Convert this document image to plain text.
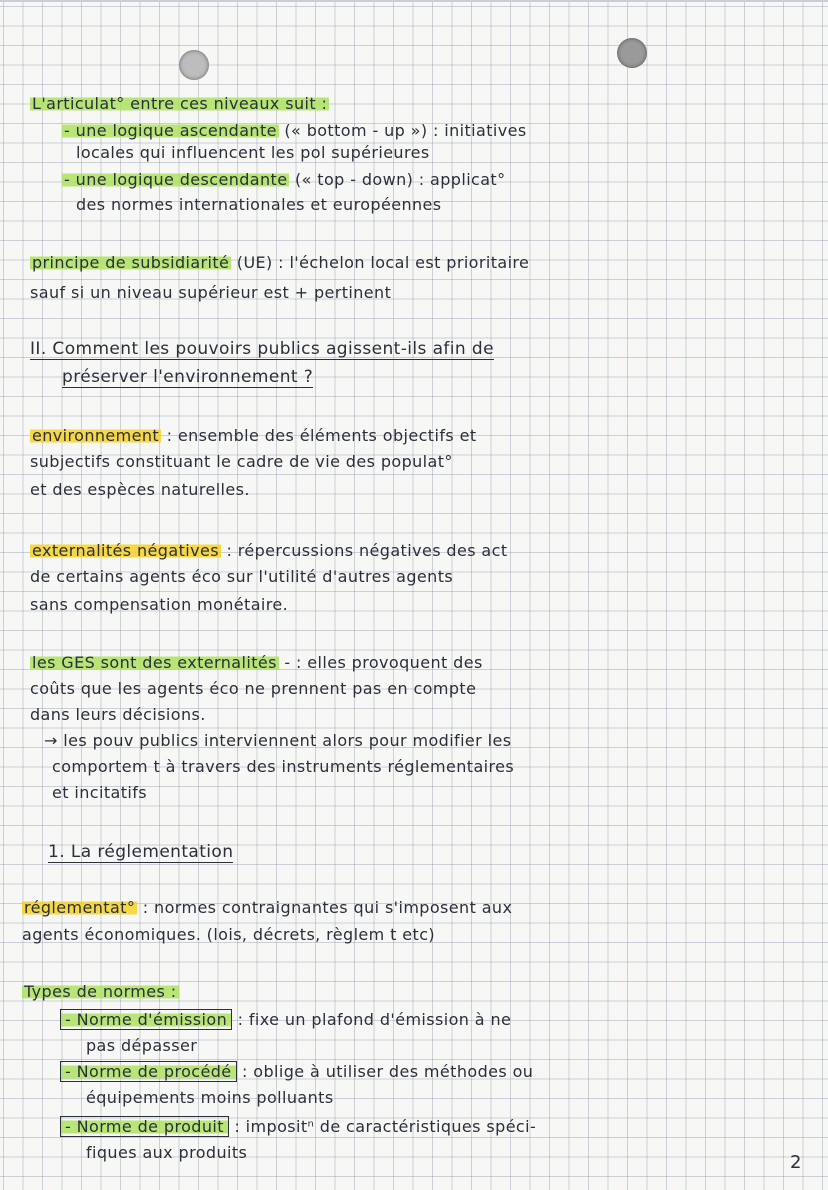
L'articulat° entre ces niveaux suit :
- une logique ascendante (« bottom - up ») : initiatives
locales qui influencent les pol supérieures
- une logique descendante (« top - down) : applicat°
des normes internationales et européennes
principe de subsidiarité (UE) : l'échelon local est prioritaire
sauf si un niveau supérieur est + pertinent
II. Comment les pouvoirs publics agissent-ils afin de
préserver l'environnement ?
environnement : ensemble des éléments objectifs et
subjectifs constituant le cadre de vie des populat°
et des espèces naturelles.
externalités négatives : répercussions négatives des act
de certains agents éco sur l'utilité d'autres agents
sans compensation monétaire.
les GES sont des externalités - : elles provoquent des
coûts que les agents éco ne prennent pas en compte
dans leurs décisions.
→ les pouv publics interviennent alors pour modifier les
comportem t à travers des instruments réglementaires
et incitatifs
1. La réglementation
réglementat° : normes contraignantes qui s'imposent aux
agents économiques. (lois, décrets, règlem t etc)
Types de normes :
- Norme d'émission : fixe un plafond d'émission à ne
pas dépasser
- Norme de procédé : oblige à utiliser des méthodes ou
équipements moins polluants
- Norme de produit : impositⁿ de caractéristiques spéci-
fiques aux produits	2
